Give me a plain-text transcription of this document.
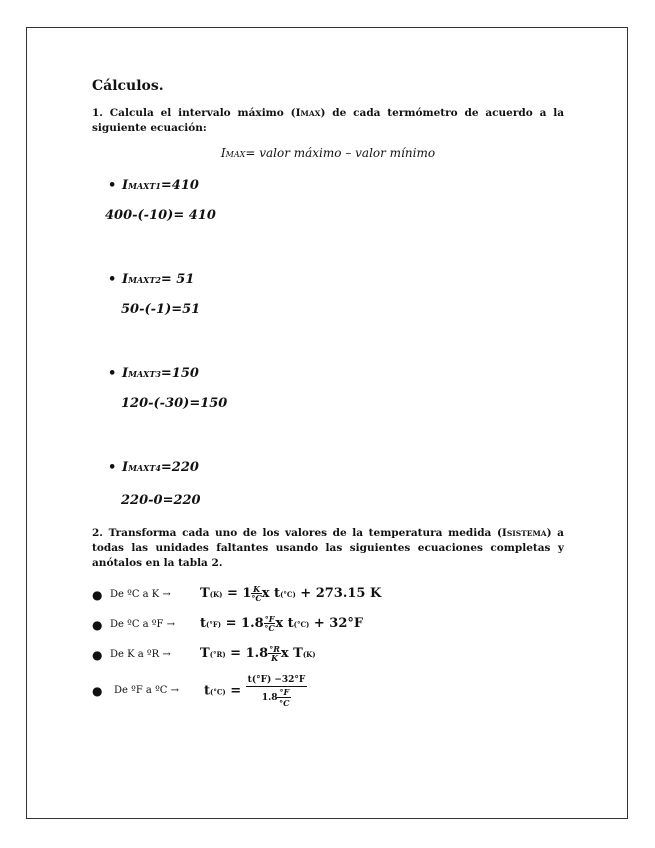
Cálculos.

1. Calcula el intervalo máximo (IMAX) de cada termómetro de acuerdo a la siguiente ecuación:

IMAX= valor máximo – valor mínimo

• IMAXT1=410
400-(-10)= 410
• IMAXT2= 51
50-(-1)=51
• IMAXT3=150
120-(-30)=150
• IMAXT4=220
220-0=220

2. Transforma cada uno de los valores de la temperatura medida (ISISTEMA) a todas las unidades faltantes usando las siguientes ecuaciones completas y anótalos en la tabla 2.

● De ºC a $K \to T(K) = 1 \frac{K}{^\circ C}$ x t(°C) + 273.15 K
● De ºC a ºF → $t(^\circ F) = 1.8 \frac{^\circ F}{^\circ C}$ x t(°C) + 32°F
● De K a ºR → $T(^\circ R) = 1.8 \frac{^\circ R}{K}$ x T(K)
● De ºF a ºC → $t(^\circ C) = \frac{t(^\circ F) -32^\circ F}{1.8 \frac{^\circ F}{^\circ C}}$
